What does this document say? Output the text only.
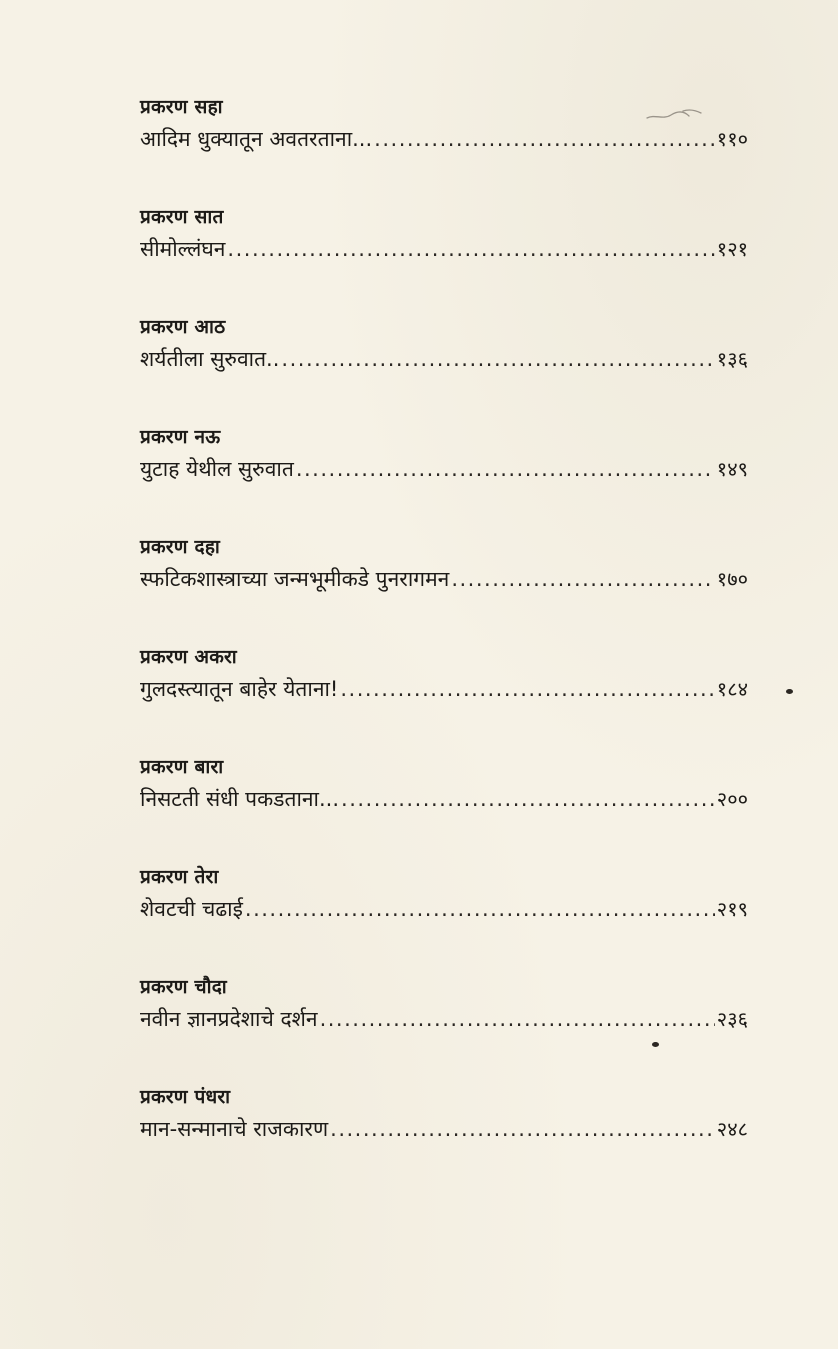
प्रकरण सहा
आदिम धुक्यातून अवतरताना... .....	११०
प्रकरण सात
सीमोल्लंघन .....	१२१
प्रकरण आठ
शर्यतीला सुरुवात.. .....	१३६
प्रकरण नऊ
युटाह येथील सुरुवात .....	१४९
प्रकरण दहा
स्फटिकशास्त्राच्या जन्मभूमीकडे पुनरागमन .....	१७०
प्रकरण अकरा
गुलदस्त्यातून बाहेर येताना! .....	१८४
प्रकरण बारा
निसटती संधी पकडताना... .....	२००
प्रकरण तेरा
शेवटची चढाई .....	२१९
प्रकरण चौदा
नवीन ज्ञानप्रदेशाचे दर्शन .....	२३६
प्रकरण पंधरा
मान-सन्मानाचे राजकारण .....	२४८
